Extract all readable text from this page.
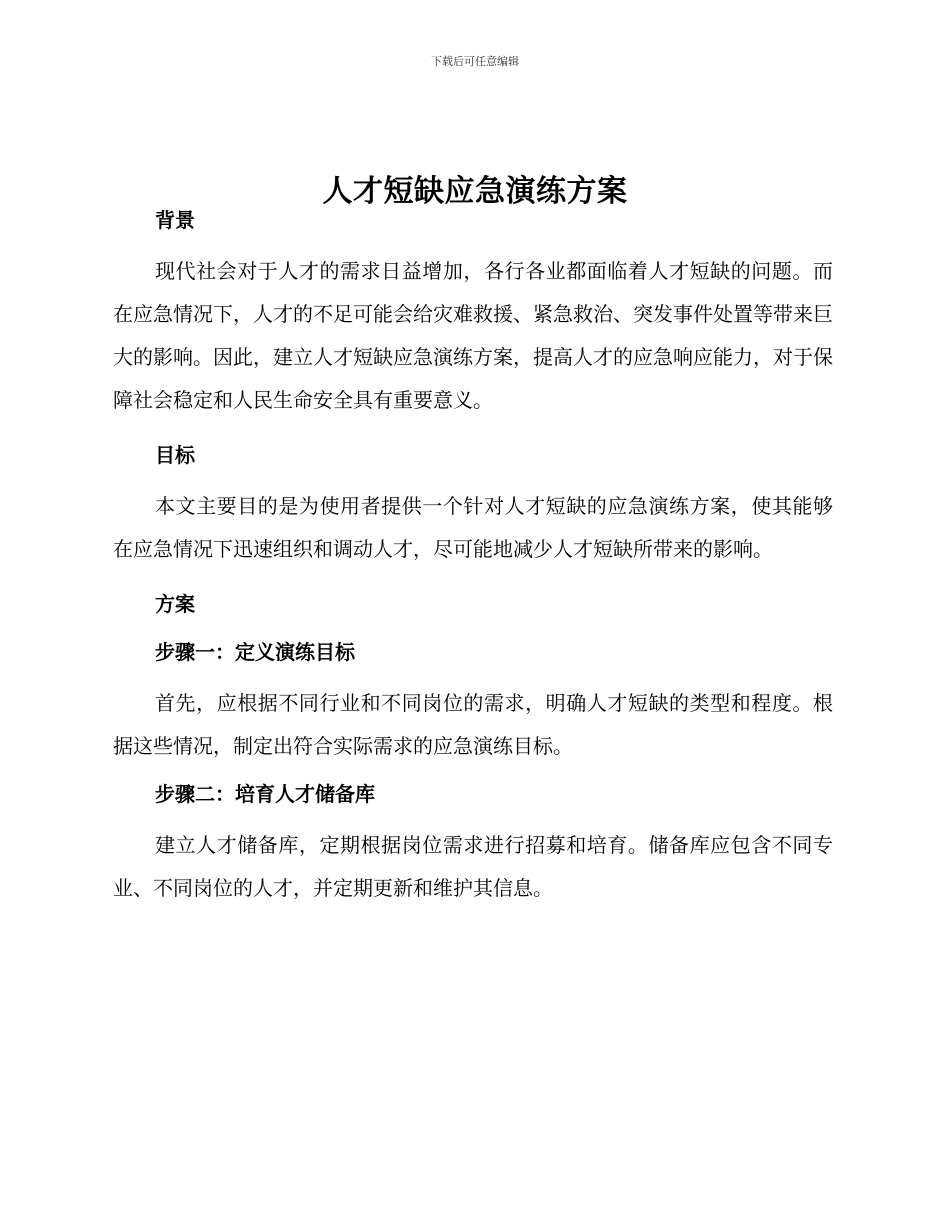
下载后可任意编辑
人才短缺应急演练方案

背景

现代社会对于人才的需求日益增加，各行各业都面临着人才短缺的问题。而在应急情况下，人才的不足可能会给灾难救援、紧急救治、突发事件处置等带来巨大的影响。因此，建立人才短缺应急演练方案，提高人才的应急响应能力，对于保障社会稳定和人民生命安全具有重要意义。

目标

本文主要目的是为使用者提供一个针对人才短缺的应急演练方案，使其能够在应急情况下迅速组织和调动人才，尽可能地减少人才短缺所带来的影响。

方案

步骤一：定义演练目标

首先，应根据不同行业和不同岗位的需求，明确人才短缺的类型和程度。根据这些情况，制定出符合实际需求的应急演练目标。

步骤二：培育人才储备库

建立人才储备库，定期根据岗位需求进行招募和培育。储备库应包含不同专业、不同岗位的人才，并定期更新和维护其信息。
